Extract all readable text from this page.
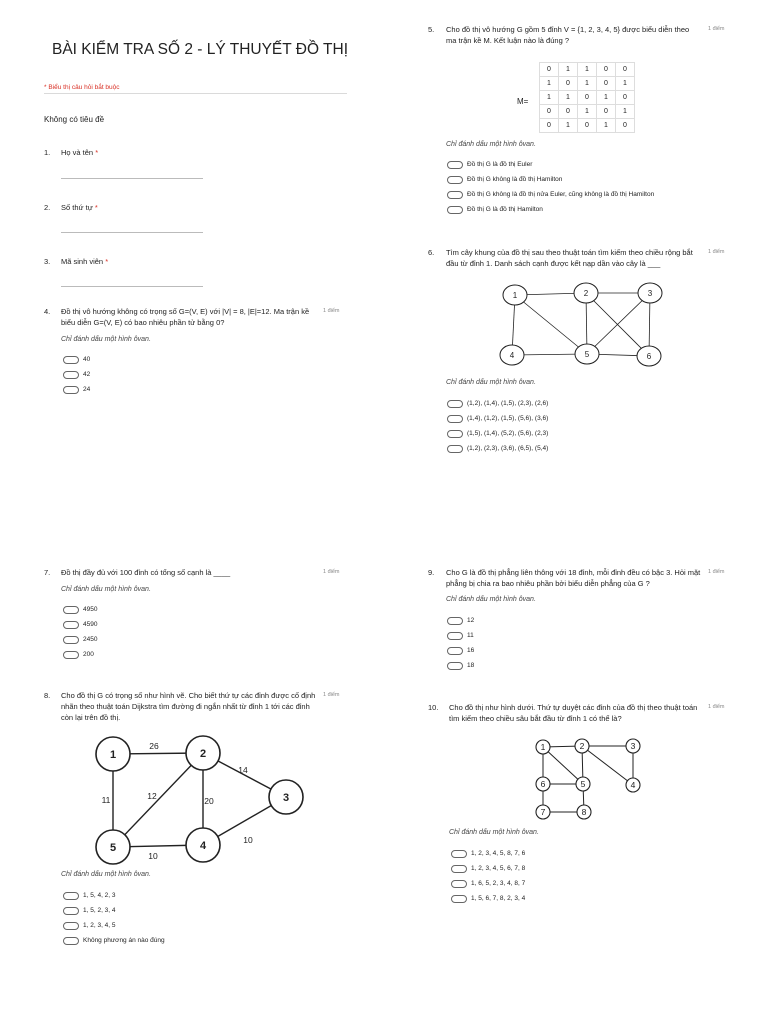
BÀI KIỂM TRA SỐ 2 - LÝ THUYẾT ĐỒ THỊ
* Biểu thị câu hỏi bắt buộc
Không có tiêu đề
1. Họ và tên *
2. Số thứ tự *
3. Mã sinh viên *
4. Đồ thị vô hướng không có trọng số G=(V, E) với |V| = 8, |E|=12. Ma trận kề biểu diễn G=(V, E) có bao nhiêu phần tử bằng 0?
1 điểm
Chỉ đánh dấu một hình ôvan.
40
42
24
5. Cho đồ thị vô hướng G gồm 5 đỉnh V = {1, 2, 3, 4, 5} được biểu diễn theo ma trận kề M. Kết luận nào là đúng ?
1 điểm
M=
0	1	1	0	0
1	0	1	0	1
1	1	0	1	0
0	0	1	0	1
0	1	0	1	0
Chỉ đánh dấu một hình ôvan.
Đồ thị G là đồ thị Euler
Đồ thị G không là đồ thị Hamilton
Đồ thị G không là đồ thị nửa Euler, cũng không là đồ thị Hamilton
Đồ thị G là đồ thị Hamilton
6. Tìm cây khung của đồ thị sau theo thuật toán tìm kiếm theo chiều rộng bắt đầu từ đỉnh 1. Danh sách cạnh được kết nạp dần vào cây là ___
1 điểm
1	2	3
4	5	6
Chỉ đánh dấu một hình ôvan.
(1,2), (1,4), (1,5), (2,3), (2,6)
(1,4), (1,2), (1,5), (5,6), (3,6)
(1,5), (1,4), (5,2), (5,6), (2,3)
(1,2), (2,3), (3,6), (6,5), (5,4)
7. Đồ thị đầy đủ với 100 đỉnh có tổng số cạnh là ____	1 điểm
Chỉ đánh dấu một hình ôvan.
4950
4590
2450
200
8. Cho đồ thị G có trọng số như hình vẽ. Cho biết thứ tự các đỉnh được cố định nhãn theo thuật toán Dijkstra tìm đường đi ngắn nhất từ đỉnh 1 tới các đỉnh còn lại trên đồ thị.
1 điểm
1	2
3
4
5
26
11	12	20
14
10
10
Chỉ đánh dấu một hình ôvan.
1, 5, 4, 2, 3
1, 5, 2, 3, 4
1, 2, 3, 4, 5
Không phương án nào đúng
9. Cho G là đồ thị phẳng liên thông với 18 đỉnh, mỗi đỉnh đều có bậc 3. Hỏi mặt phẳng bị chia ra bao nhiêu phần bởi biểu diễn phẳng của G ?
1 điểm
Chỉ đánh dấu một hình ôvan.
12
11
16
18
10. Cho đồ thị như hình dưới. Thứ tự duyệt các đỉnh của đồ thị theo thuật toán tìm kiếm theo chiều sâu bắt đầu từ đỉnh 1 có thể là?
1 điểm
1	2	3
4
5
6
7	8
Chỉ đánh dấu một hình ôvan.
1, 2, 3, 4, 5, 8, 7, 6
1, 2, 3, 4, 5, 6, 7, 8
1, 6, 5, 2, 3, 4, 8, 7
1, 5, 6, 7, 8, 2, 3, 4
